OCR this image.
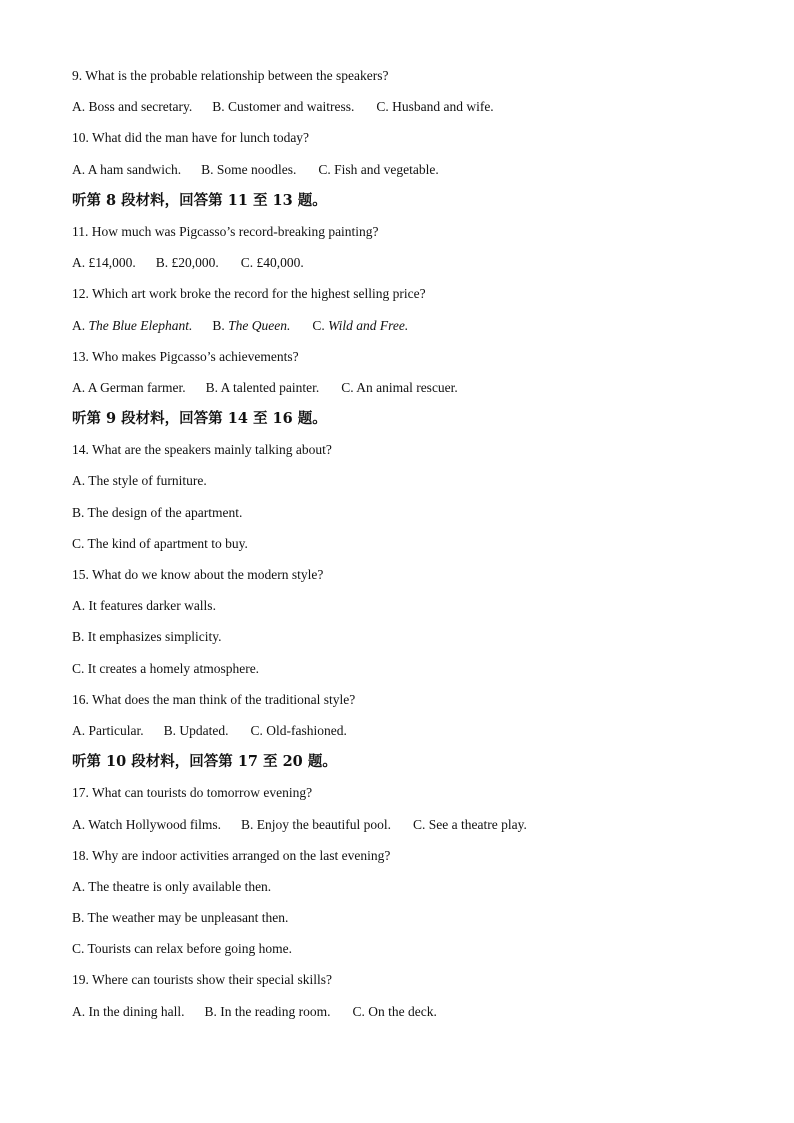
9. What is the probable relationship between the speakers?
A. Boss and secretary. B. Customer and waitress. C. Husband and wife.
10. What did the man have for lunch today?
A. A ham sandwich. B. Some noodles. C. Fish and vegetable.
听第 8 段材料，回答第 11 至 13 题。
11. How much was Pigcasso’s record-breaking painting?
A. £14,000. B. £20,000. C. £40,000.
12. Which art work broke the record for the highest selling price?
A. The Blue Elephant. B. The Queen. C. Wild and Free.
13. Who makes Pigcasso’s achievements?
A. A German farmer. B. A talented painter. C. An animal rescuer.
听第 9 段材料，回答第 14 至 16 题。
14. What are the speakers mainly talking about?
A. The style of furniture.
B. The design of the apartment.
C. The kind of apartment to buy.
15. What do we know about the modern style?
A. It features darker walls.
B. It emphasizes simplicity.
C. It creates a homely atmosphere.
16. What does the man think of the traditional style?
A. Particular. B. Updated. C. Old-fashioned.
听第 10 段材料，回答第 17 至 20 题。
17. What can tourists do tomorrow evening?
A. Watch Hollywood films. B. Enjoy the beautiful pool. C. See a theatre play.
18. Why are indoor activities arranged on the last evening?
A. The theatre is only available then.
B. The weather may be unpleasant then.
C. Tourists can relax before going home.
19. Where can tourists show their special skills?
A. In the dining hall. B. In the reading room. C. On the deck.
